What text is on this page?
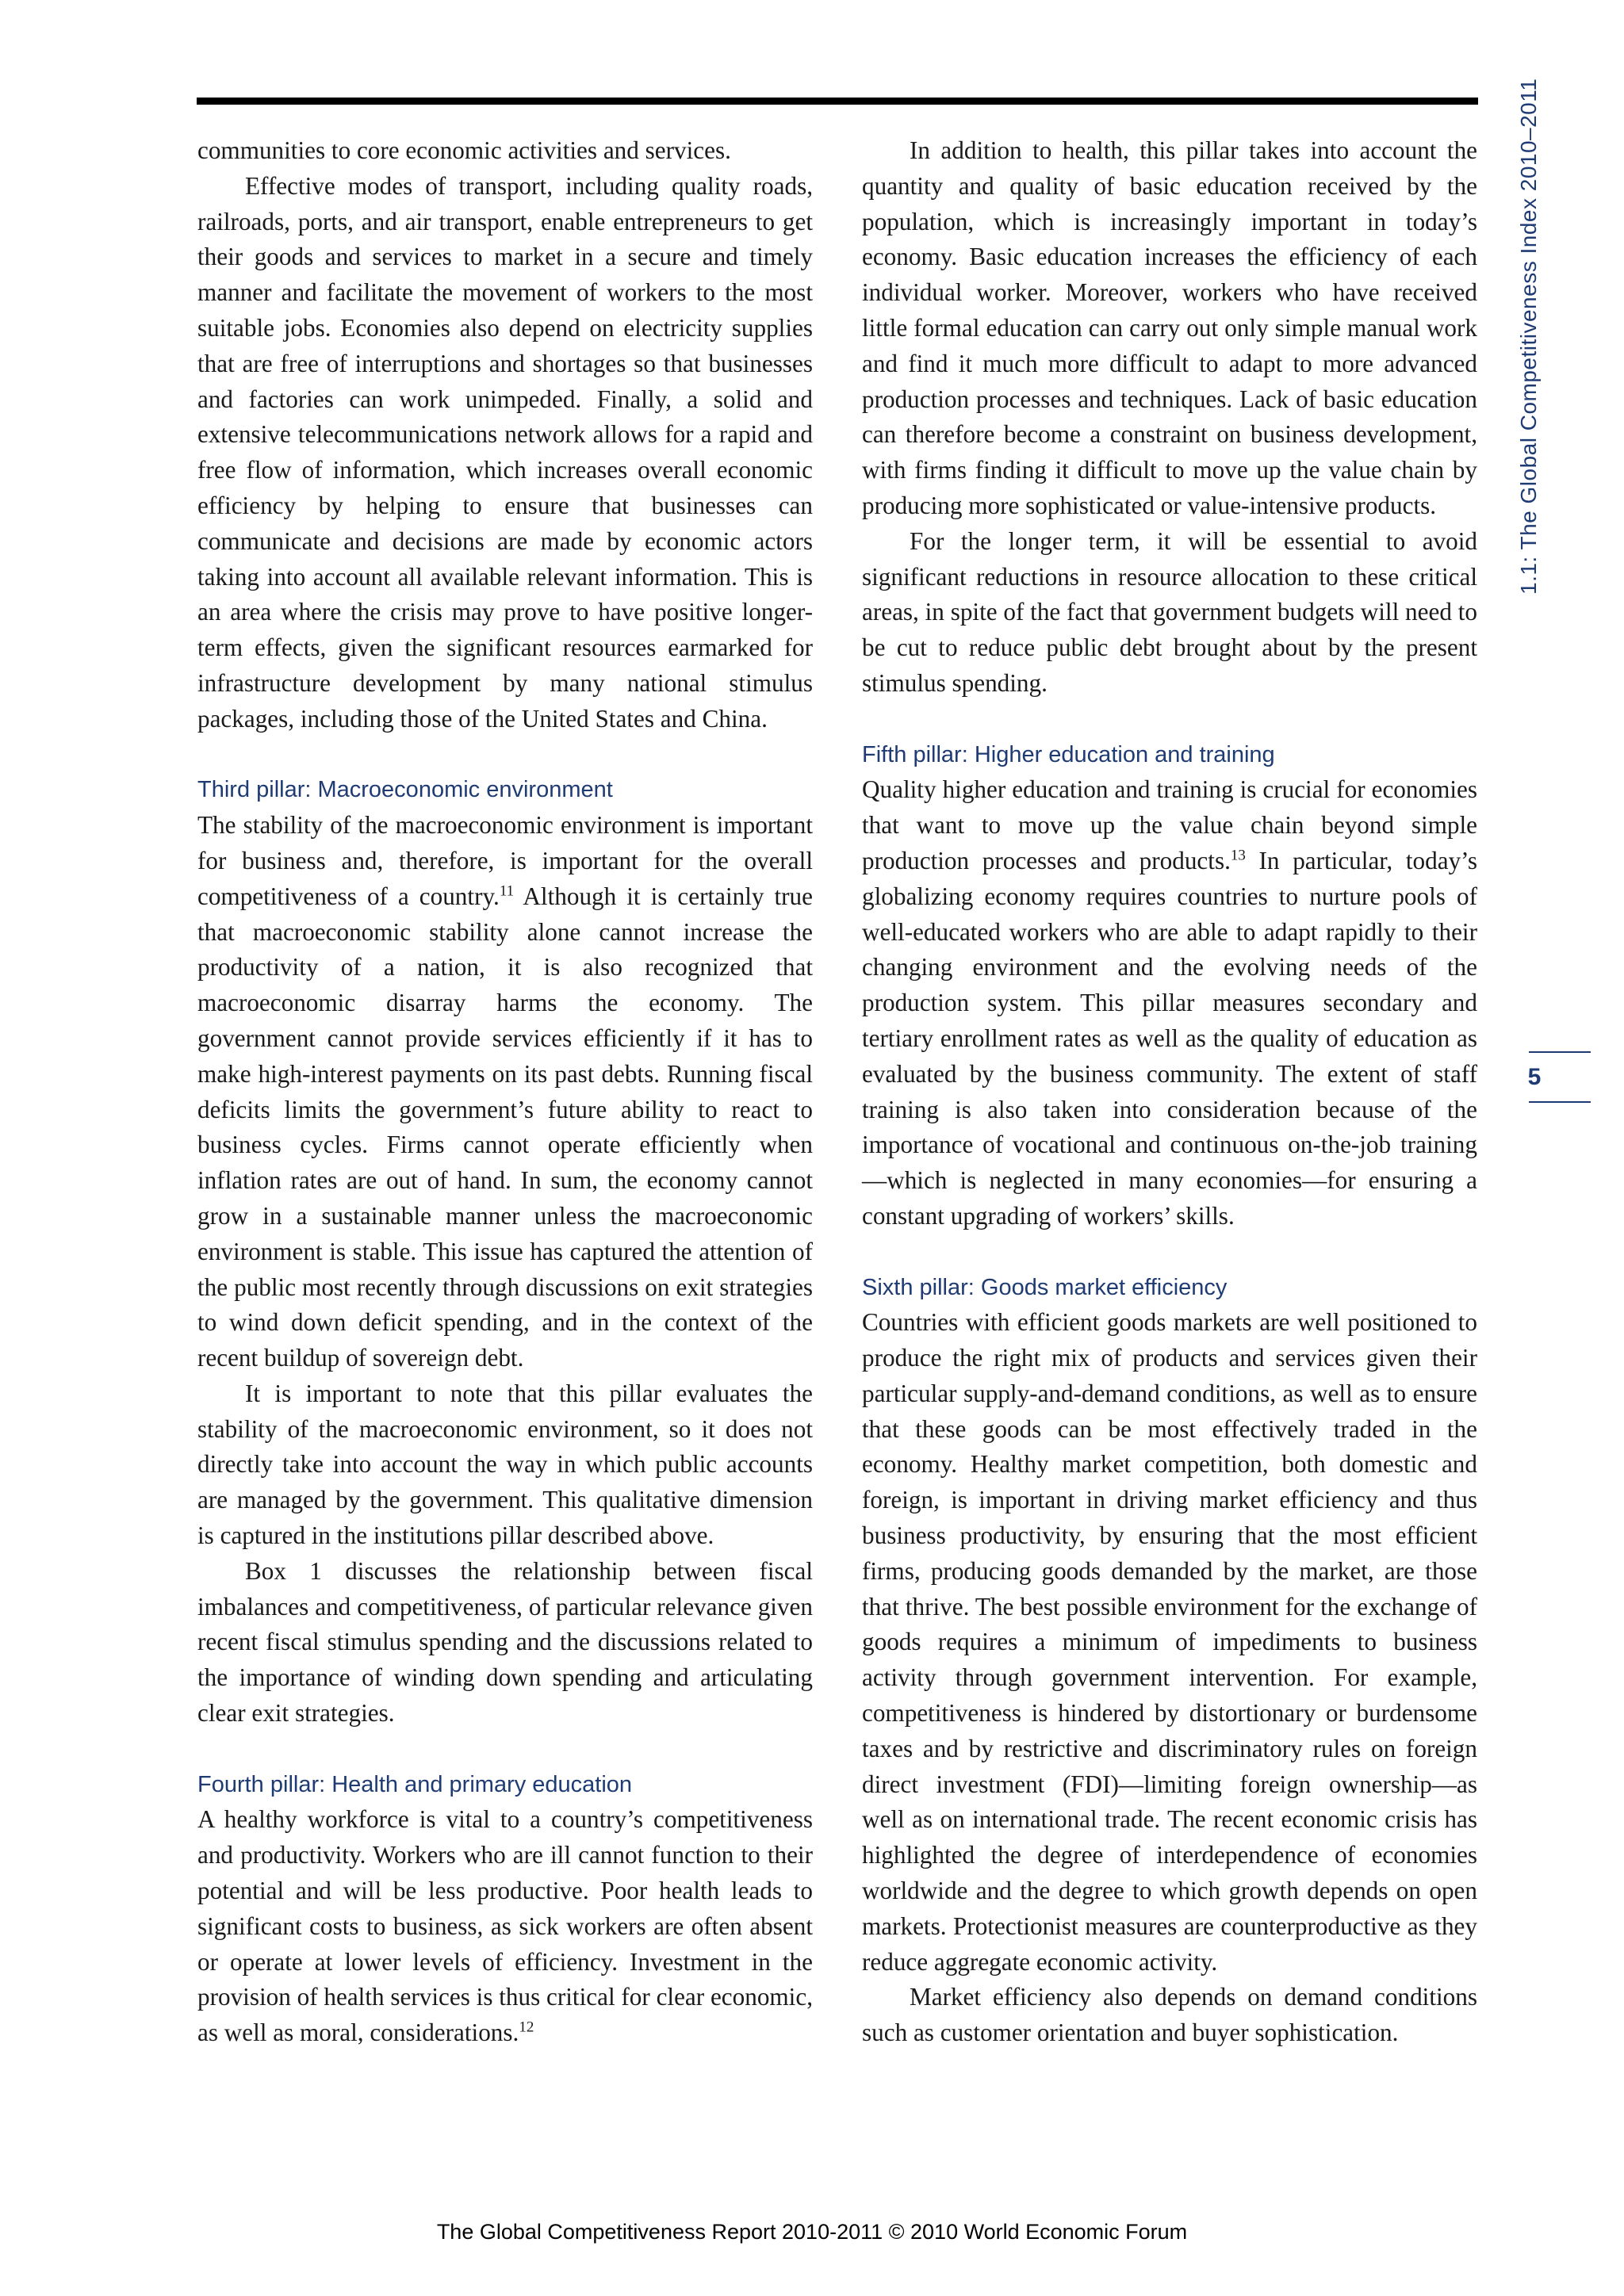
communities to core economic activities and services.

Effective modes of transport, including quality roads, railroads, ports, and air transport, enable entrepreneurs to get their goods and services to market in a secure and timely manner and facilitate the movement of workers to the most suitable jobs. Economies also depend on electricity supplies that are free of interruptions and shortages so that businesses and factories can work unimpeded. Finally, a solid and extensive telecommunications network allows for a rapid and free flow of information, which increases overall economic efficiency by helping to ensure that businesses can communicate and decisions are made by economic actors taking into account all available relevant information. This is an area where the crisis may prove to have positive longer-term effects, given the significant resources earmarked for infrastructure development by many national stimulus packages, including those of the United States and China.

Third pillar: Macroeconomic environment

The stability of the macroeconomic environment is important for business and, therefore, is important for the overall competitiveness of a country.$^{11}$ Although it is certainly true that macroeconomic stability alone cannot increase the productivity of a nation, it is also recognized that macroeconomic disarray harms the economy. The government cannot provide services efficiently if it has to make high-interest payments on its past debts. Running fiscal deficits limits the government’s future ability to react to business cycles. Firms cannot operate efficiently when inflation rates are out of hand. In sum, the economy cannot grow in a sustainable manner unless the macroeconomic environment is stable. This issue has captured the attention of the public most recently through discussions on exit strategies to wind down deficit spending, and in the context of the recent buildup of sovereign debt.

It is important to note that this pillar evaluates the stability of the macroeconomic environment, so it does not directly take into account the way in which public accounts are managed by the government. This qualitative dimension is captured in the institutions pillar described above.

Box 1 discusses the relationship between fiscal imbalances and competitiveness, of particular relevance given recent fiscal stimulus spending and the discussions related to the importance of winding down spending and articulating clear exit strategies.

Fourth pillar: Health and primary education

A healthy workforce is vital to a country’s competitiveness and productivity. Workers who are ill cannot function to their potential and will be less productive. Poor health leads to significant costs to business, as sick workers are often absent or operate at lower levels of efficiency. Investment in the provision of health services is thus critical for clear economic, as well as moral, considerations.$^{12}$

In addition to health, this pillar takes into account the quantity and quality of basic education received by the population, which is increasingly important in today’s economy. Basic education increases the efficiency of each individual worker. Moreover, workers who have received little formal education can carry out only simple manual work and find it much more difficult to adapt to more advanced production processes and techniques. Lack of basic education can therefore become a constraint on business development, with firms finding it difficult to move up the value chain by producing more sophisticated or value-intensive products.

For the longer term, it will be essential to avoid significant reductions in resource allocation to these critical areas, in spite of the fact that government budgets will need to be cut to reduce public debt brought about by the present stimulus spending.

Fifth pillar: Higher education and training

Quality higher education and training is crucial for economies that want to move up the value chain beyond simple production processes and products.$^{13}$ In particular, today’s globalizing economy requires countries to nurture pools of well-educated workers who are able to adapt rapidly to their changing environment and the evolving needs of the production system. This pillar measures secondary and tertiary enrollment rates as well as the quality of education as evaluated by the business community. The extent of staff training is also taken into consideration because of the importance of vocational and continuous on-the-job training—which is neglected in many economies—for ensuring a constant upgrading of workers’ skills.

Sixth pillar: Goods market efficiency

Countries with efficient goods markets are well positioned to produce the right mix of products and services given their particular supply-and-demand conditions, as well as to ensure that these goods can be most effectively traded in the economy. Healthy market competition, both domestic and foreign, is important in driving market efficiency and thus business productivity, by ensuring that the most efficient firms, producing goods demanded by the market, are those that thrive. The best possible environment for the exchange of goods requires a minimum of impediments to business activity through government intervention. For example, competitiveness is hindered by distortionary or burdensome taxes and by restrictive and discriminatory rules on foreign direct investment (FDI)—limiting foreign ownership—as well as on international trade. The recent economic crisis has highlighted the degree of interdependence of economies worldwide and the degree to which growth depends on open markets. Protectionist measures are counterproductive as they reduce aggregate economic activity.

Market efficiency also depends on demand conditions such as customer orientation and buyer sophistication.

1.1: The Global Competitiveness Index 2010–2011
5
The Global Competitiveness Report 2010-2011 © 2010 World Economic Forum
